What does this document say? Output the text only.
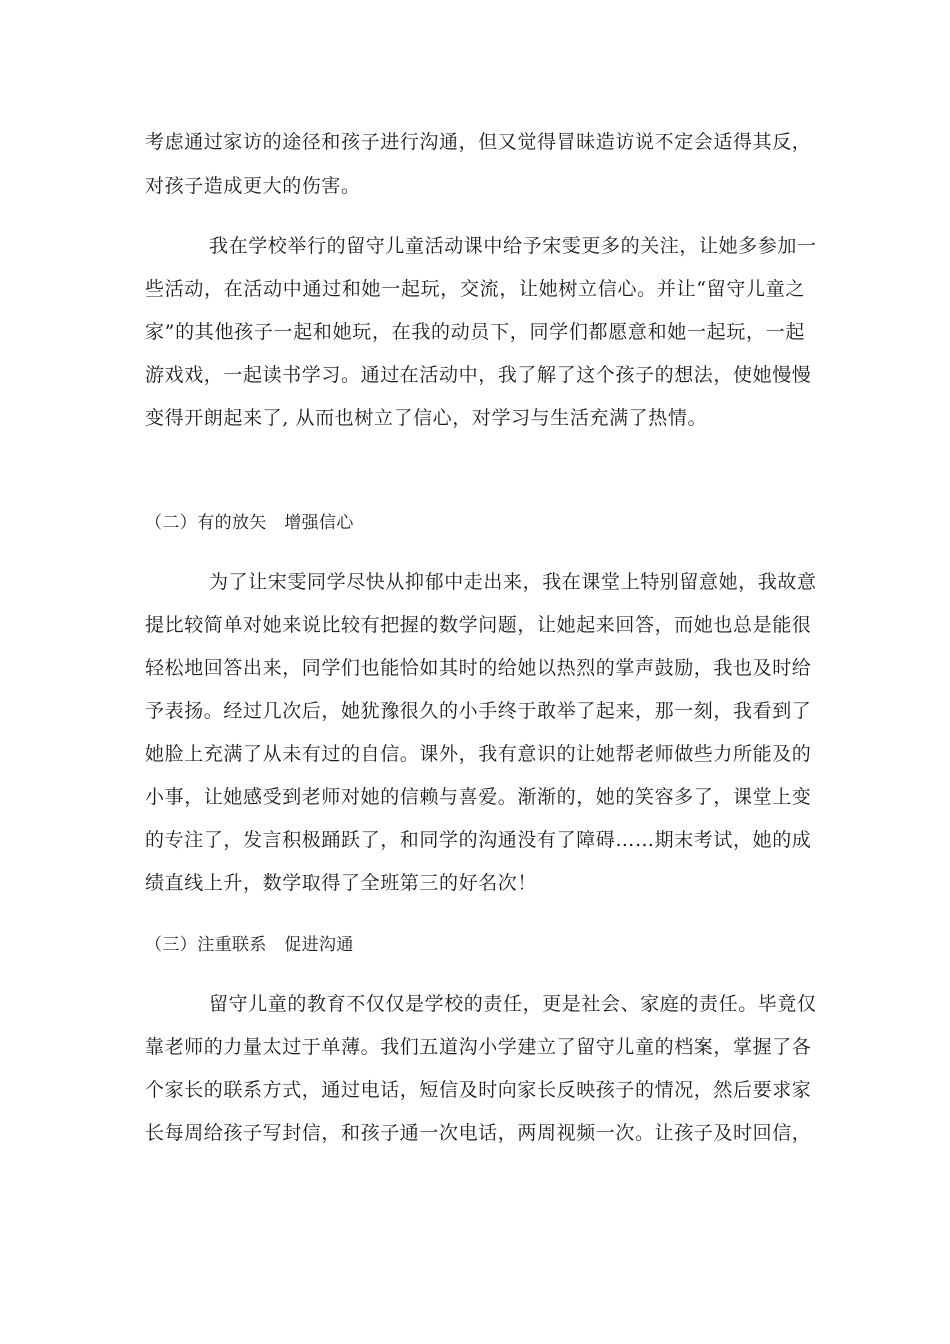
考虑通过家访的途径和孩子进行沟通，但又觉得冒昧造访说不定会适得其反，
对孩子造成更大的伤害。
我在学校举行的留守儿童活动课中给予宋雯更多的关注，让她多参加一
些活动，在活动中通过和她一起玩，交流，让她树立信心。并让“留守儿童之
家”的其他孩子一起和她玩，在我的动员下，同学们都愿意和她一起玩，一起
游戏戏，一起读书学习。通过在活动中，我了解了这个孩子的想法，使她慢慢
变得开朗起来了, 从而也树立了信心，对学习与生活充满了热情。
（二）有的放矢　增强信心
为了让宋雯同学尽快从抑郁中走出来，我在课堂上特别留意她，我故意
提比较简单对她来说比较有把握的数学问题，让她起来回答，而她也总是能很
轻松地回答出来，同学们也能恰如其时的给她以热烈的掌声鼓励，我也及时给
予表扬。经过几次后，她犹豫很久的小手终于敢举了起来，那一刻，我看到了
她脸上充满了从未有过的自信。课外，我有意识的让她帮老师做些力所能及的
小事，让她感受到老师对她的信赖与喜爱。渐渐的，她的笑容多了，课堂上变
的专注了，发言积极踊跃了，和同学的沟通没有了障碍……期末考试，她的成
绩直线上升，数学取得了全班第三的好名次！
（三）注重联系　促进沟通
留守儿童的教育不仅仅是学校的责任，更是社会、家庭的责任。毕竟仅
靠老师的力量太过于单薄。我们五道沟小学建立了留守儿童的档案，掌握了各
个家长的联系方式，通过电话，短信及时向家长反映孩子的情况，然后要求家
长每周给孩子写封信，和孩子通一次电话，两周视频一次。让孩子及时回信，
